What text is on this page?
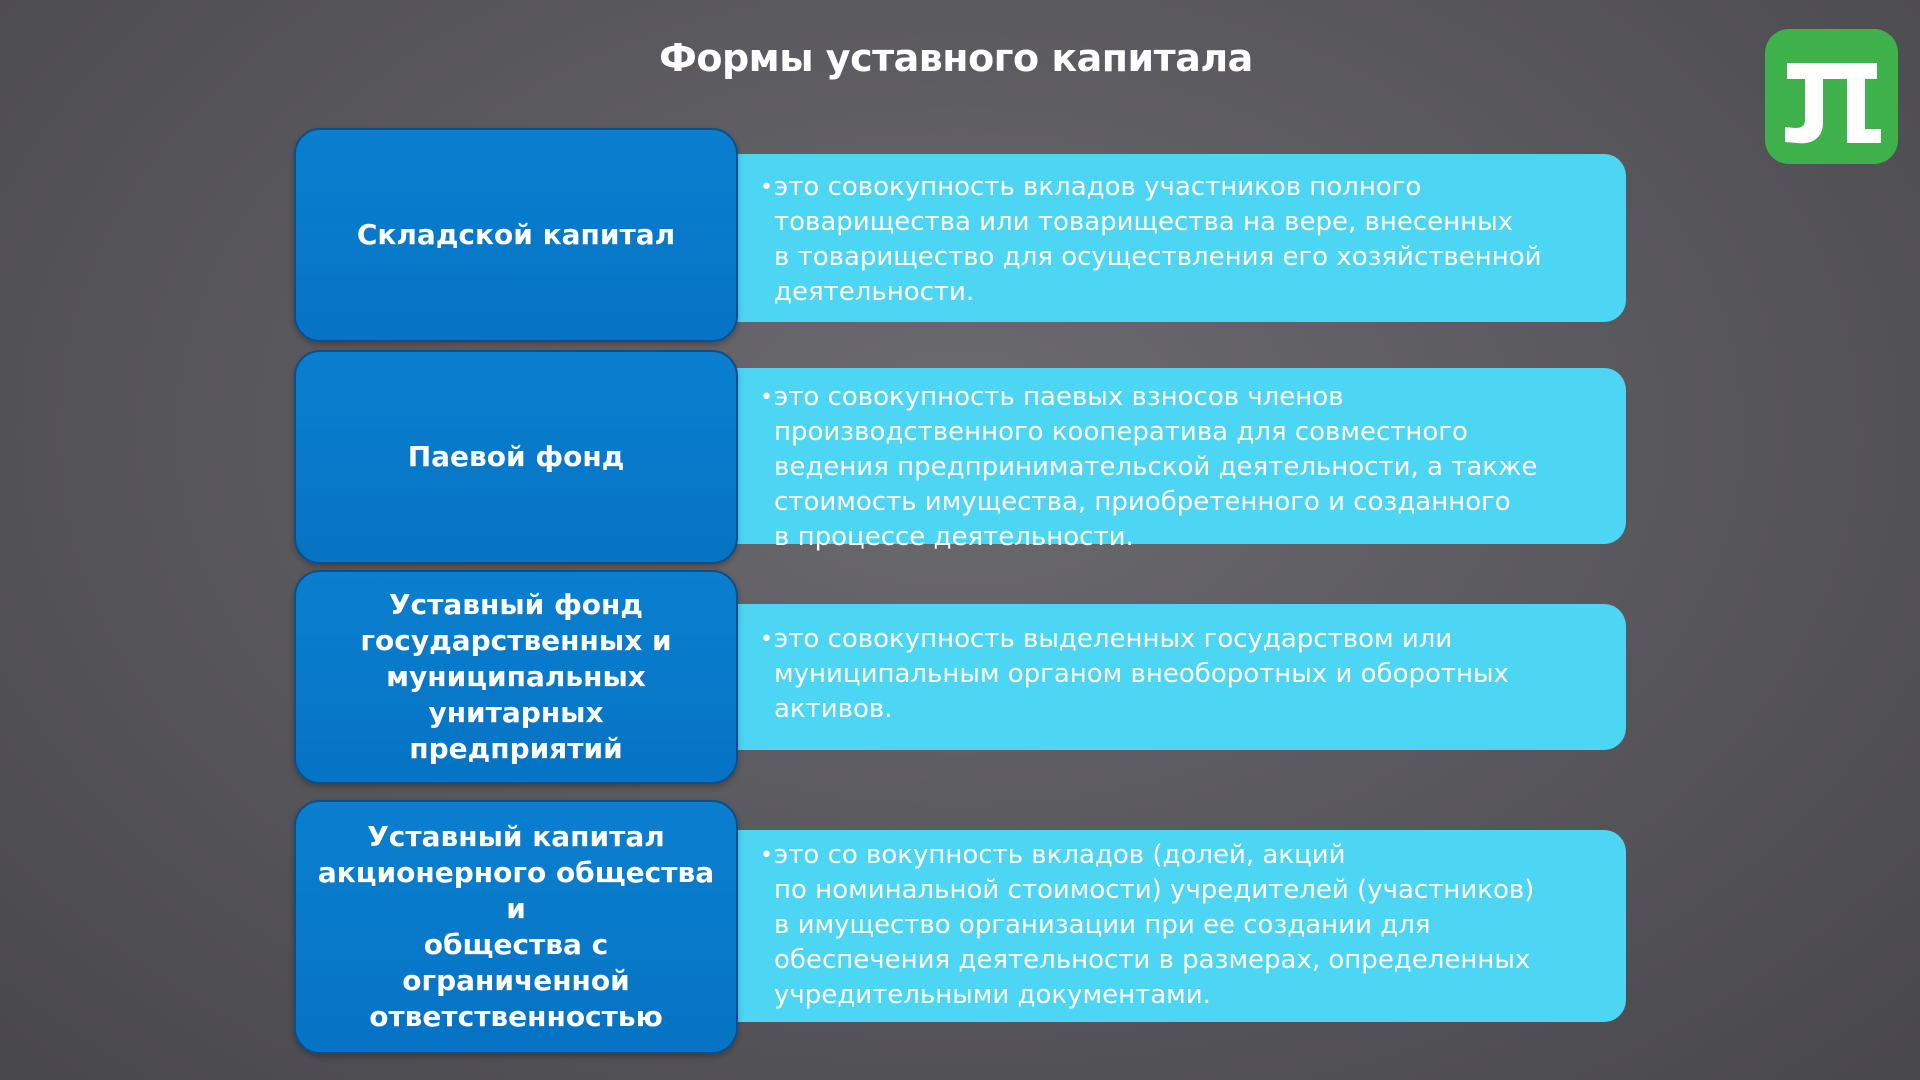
Формы уставного капитала
Складской капитал
• это совокупность вкладов участников полного
товарищества или товарищества на вере, внесенных
в товарищество для осуществления его хозяйственной
деятельности.
Паевой фонд
• это совокупность паевых взносов членов
производственного кооператива для совместного
ведения предпринимательской деятельности, а также
стоимость имущества, приобретенного и созданного
в процессе деятельности.
Уставный фонд
государственных и
муниципальных унитарных
предприятий
• это совокупность выделенных государством или
муниципальным органом внеоборотных и оборотных
активов.
Уставный капитал
акционерного общества и
общества с ограниченной
ответственностью
• это со вокупность вкладов (долей, акций
по номинальной стоимости) учредителей (участников)
в имущество организации при ее создании для
обеспечения деятельности в размерах, определенных
учредительными документами.
